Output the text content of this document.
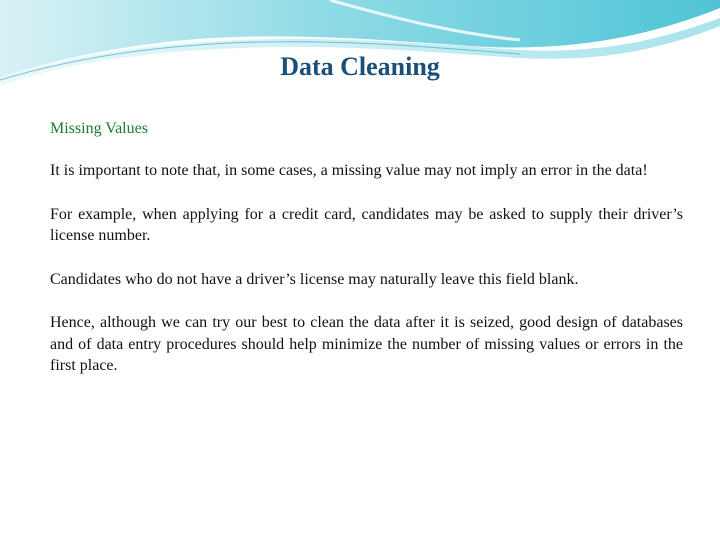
Data Cleaning
Missing Values

It is important to note that, in some cases, a missing value may not imply an error in the data!

For example, when applying for a credit card, candidates may be asked to supply their driver’s license number.

Candidates who do not have a driver’s license may naturally leave this field blank.

Hence, although we can try our best to clean the data after it is seized, good design of databases and of data entry procedures should help minimize the number of missing values or errors in the first place.
